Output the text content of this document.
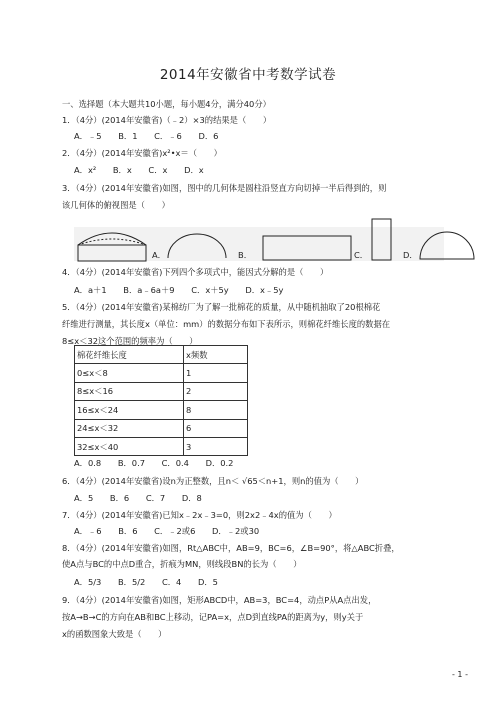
2014年安徽省中考数学试卷
一、选择题（本大题共10小题，每小题4分，满分40分）
1．（4分）(2014年安徽省)（﹣2）×3的结果是（　　）
A．﹣5 B．1 C．﹣6 D．6
2．（4分）(2014年安徽省)x²•x＝（　　）
A．x² B．x C．x D．x
3．（4分）(2014年安徽省)如图，图中的几何体是圆柱沿竖直方向切掉一半后得到的，则
该几何体的俯视图是（　　）
A．	B．	C．	D．
4．（4分）(2014年安徽省)下列四个多项式中，能因式分解的是（　　）
A．a＋1 B．a﹣6a＋9 C．x＋5y D．x﹣5y
5．（4分）(2014年安徽省)某棉纺厂为了解一批棉花的质量，从中随机抽取了20根棉花
纤维进行测量，其长度x（单位：mm）的数据分布如下表所示，则棉花纤维长度的数据在
8≤x＜32这个范围的频率为（　　）
棉花纤维长度	x频数
0≤x＜8	1
8≤x＜16	2
16≤x＜24	8
24≤x＜32	6
32≤x＜40	3
A．0.8 B．0.7 C．0.4 D．0.2
6．（4分）(2014年安徽省)设n为正整数，且n＜ √65＜n+1，则n的值为（　　）
A．5 B．6 C．7 D．8
7．（4分）(2014年安徽省)已知x﹣2x﹣3=0，则2x2﹣4x的值为（　　）
A．﹣6 B．6 C．﹣2或6 D．﹣2或30
8．（4分）(2014年安徽省)如图，Rt△ABC中，AB=9，BC=6，∠B=90°，将△ABC折叠，
使A点与BC的中点D重合，折痕为MN，则线段BN的长为（　　）
A．5/3 B．5/2 C．4 D．5
9．（4分）(2014年安徽省)如图，矩形ABCD中，AB=3，BC=4，动点P从A点出发，
按A→B→C的方向在AB和BC上移动，记PA=x，点D到直线PA的距离为y，则y关于
x的函数图象大致是（　　）
- 1 -
